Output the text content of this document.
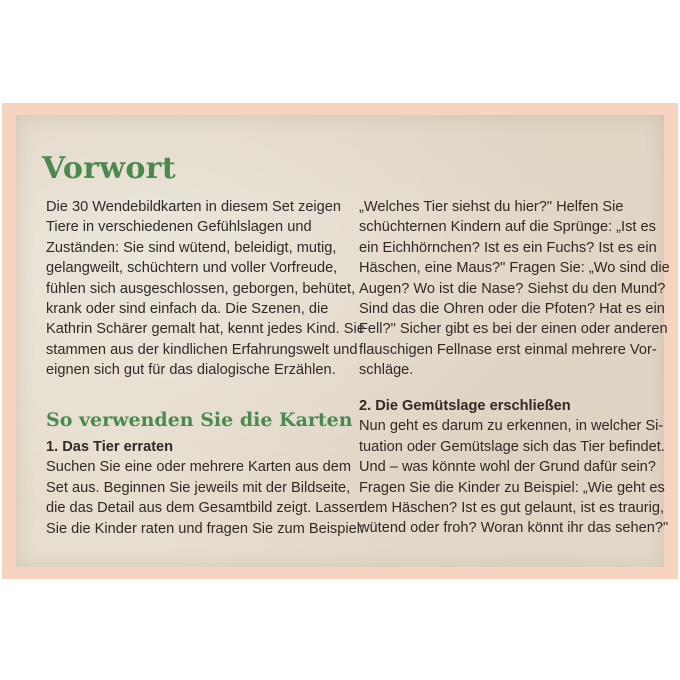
Vorwort
Die 30 Wendebildkarten in diesem Set zeigen
Tiere in verschiedenen Gefühlslagen und
Zuständen: Sie sind wütend, beleidigt, mutig,
gelangweilt, schüchtern und voller Vorfreude,
fühlen sich ausgeschlossen, geborgen, behütet,
krank oder sind einfach da. Die Szenen, die
Kathrin Schärer gemalt hat, kennt jedes Kind. Sie
stammen aus der kindlichen Erfahrungswelt und
eignen sich gut für das dialogische Erzählen.
So verwenden Sie die Karten
1. Das Tier erraten
Suchen Sie eine oder mehrere Karten aus dem
Set aus. Beginnen Sie jeweils mit der Bildseite,
die das Detail aus dem Gesamtbild zeigt. Lassen
Sie die Kinder raten und fragen Sie zum Beispiel:
„Welches Tier siehst du hier?" Helfen Sie
schüchternen Kindern auf die Sprünge: „Ist es
ein Eichhörnchen? Ist es ein Fuchs? Ist es ein
Häschen, eine Maus?" Fragen Sie: „Wo sind die
Augen? Wo ist die Nase? Siehst du den Mund?
Sind das die Ohren oder die Pfoten? Hat es ein
Fell?" Sicher gibt es bei der einen oder anderen
flauschigen Fellnase erst einmal mehrere Vor-
schläge.
2. Die Gemütslage erschließen
Nun geht es darum zu erkennen, in welcher Si-
tuation oder Gemütslage sich das Tier befindet.
Und – was könnte wohl der Grund dafür sein?
Fragen Sie die Kinder zu Beispiel: „Wie geht es
dem Häschen? Ist es gut gelaunt, ist es traurig,
wütend oder froh? Woran könnt ihr das sehen?"
